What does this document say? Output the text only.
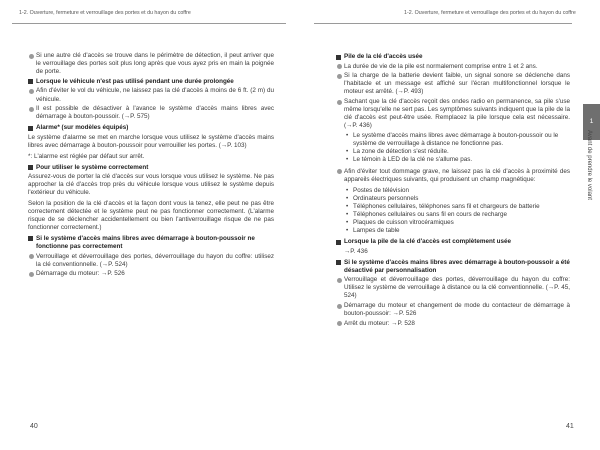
1-2. Ouverture, fermeture et verrouillage des portes et du hayon du coffre
Si une autre clé d'accès se trouve dans le périmètre de détection, il peut arriver que le verrouillage des portes soit plus long après que vous ayez pris en main la poignée de porte.
Lorsque le véhicule n'est pas utilisé pendant une durée prolongée
Afin d'éviter le vol du véhicule, ne laissez pas la clé d'accès à moins de 6 ft. (2 m) du véhicule.
Il est possible de désactiver à l'avance le système d'accès mains libres avec démarrage à bouton-poussoir. (→P. 575)
Alarme* (sur modèles équipés)
Le système d'alarme se met en marche lorsque vous utilisez le système d'accès mains libres avec démarrage à bouton-poussoir pour verrouiller les portes. (→P. 103)
*: L'alarme est réglée par défaut sur arrêt.
Pour utiliser le système correctement
Assurez-vous de porter la clé d'accès sur vous lorsque vous utilisez le système. Ne pas approcher la clé d'accès trop près du véhicule lorsque vous utilisez le système depuis l'extérieur du véhicule.
Selon la position de la clé d'accès et la façon dont vous la tenez, elle peut ne pas être correctement détectée et le système peut ne pas fonctionner correctement. (L'alarme risque de se déclencher accidentellement ou bien l'antiverrouillage risque de ne pas fonctionner correctement.)
Si le système d'accès mains libres avec démarrage à bouton-poussoir ne fonctionne pas correctement
Verrouillage et déverrouillage des portes, déverrouillage du hayon du coffre: utilisez la clé conventionnelle. (→P. 524)
Démarrage du moteur: →P. 526
40
1-2. Ouverture, fermeture et verrouillage des portes et du hayon du coffre
Pile de la clé d'accès usée
La durée de vie de la pile est normalement comprise entre 1 et 2 ans.
Si la charge de la batterie devient faible, un signal sonore se déclenche dans l'habitacle et un message est affiché sur l'écran multifonctionnel lorsque le moteur est arrêté. (→P. 493)
Sachant que la clé d'accès reçoit des ondes radio en permanence, sa pile s'use même lorsqu'elle ne sert pas. Les symptômes suivants indiquent que la pile de la clé d'accès est peut-être usée. Remplacez la pile lorsque cela est nécessaire. (→P. 436)
• Le système d'accès mains libres avec démarrage à bouton-poussoir ou le système de verrouillage à distance ne fonctionne pas.
• La zone de détection s'est réduite.
• Le témoin à LED de la clé ne s'allume pas.
Afin d'éviter tout dommage grave, ne laissez pas la clé d'accès à proximité des appareils électriques suivants, qui produisent un champ magnétique:
• Postes de télévision
• Ordinateurs personnels
• Téléphones cellulaires, téléphones sans fil et chargeurs de batterie
• Téléphones cellulaires ou sans fil en cours de recharge
• Plaques de cuisson vitrocéramiques
• Lampes de table
Lorsque la pile de la clé d'accès est complètement usée
→P. 436
Si le système d'accès mains libres avec démarrage à bouton-poussoir a été désactivé par personnalisation
Verrouillage et déverrouillage des portes, déverrouillage du hayon du coffre: Utilisez le système de verrouillage à distance ou la clé conventionnelle. (→P. 45, 524)
Démarrage du moteur et changement de mode du contacteur de démarrage à bouton-poussoir: →P. 526
Arrêt du moteur: →P. 528
41
1
Avant de prendre le volant
